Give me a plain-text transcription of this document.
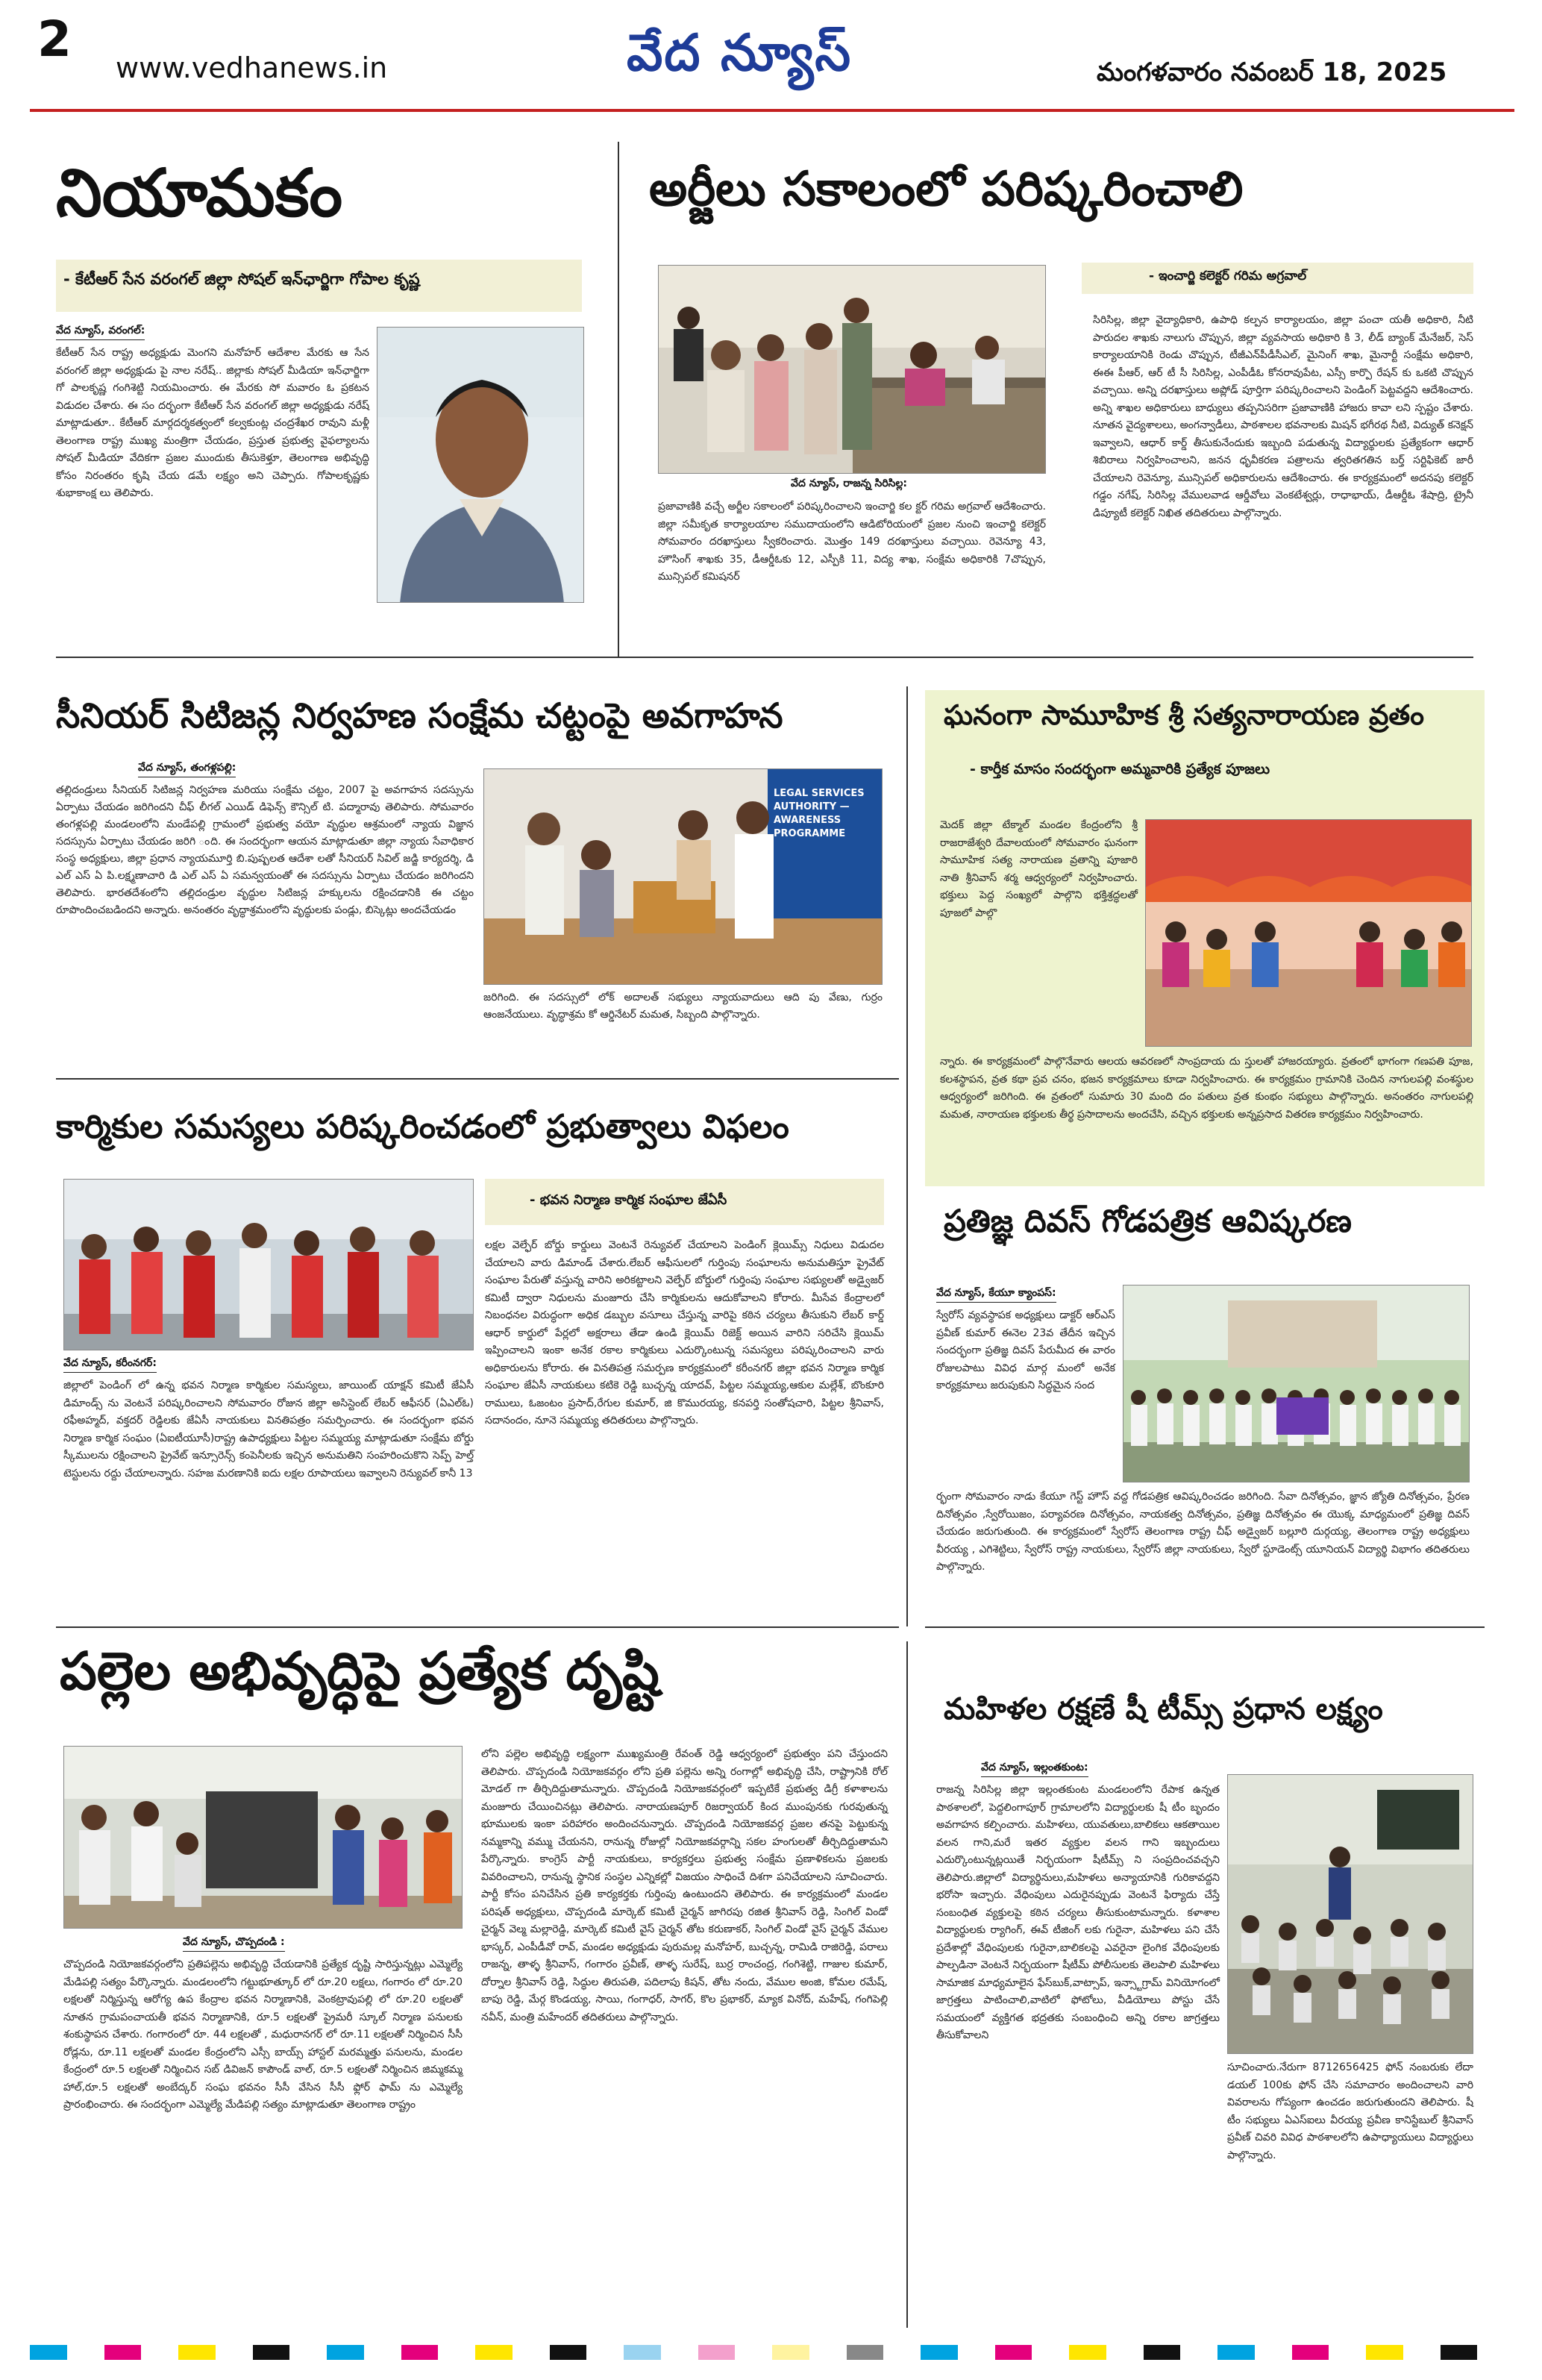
2 www.vedhanews.in	వేద న్యూస్	మంగళవారం నవంబర్ 18, 2025
నియామకం
- కేటీఆర్ సేన వరంగల్ జిల్లా సోషల్ ఇన్‌ఛార్జిగా గోపాల కృష్ణ
వేద న్యూస్, వరంగల్:
కేటీఆర్ సేన రాష్ట్ర అధ్యక్షుడు మెంగని మనోహర్ ఆదేశాల మేరకు ఆ సేన వరంగల్ జిల్లా అధ్యక్షుడు పై నాల నరేష్.. జిల్లాకు సోషల్ మీడియా ఇన్‌ఛార్జిగా గో పాలకృష్ణ గంగిశెట్టి నియమించారు. ఈ మేరకు సో మవారం ఓ ప్రకటన విడుదల చేశారు. ఈ సం దర్భంగా కేటీఆర్ సేన వరంగల్ జిల్లా అధ్యక్షుడు నరేష్ మాట్లాడుతూ.. కేటీఆర్ మార్గదర్శకత్వంలో కల్వకుంట్ల చంద్రశేఖర రావుని మళ్లీ తెలంగాణ రాష్ట్ర ముఖ్య మంత్రిగా చేయడం, ప్రస్తుత ప్రభుత్వ వైఫల్యాలను సోషల్ మీడియా వేదికగా ప్రజల ముందుకు తీసుకెళ్తూ, తెలంగాణ అభివృద్ధి కోసం నిరంతరం కృషి చేయ డమే లక్ష్యం అని చెప్పారు. గోపాలకృష్ణకు శుభాకాంక్ష లు తెలిపారు.
అర్జీలు సకాలంలో పరిష్కరించాలి
వేద న్యూస్, రాజన్న సిరిసిల్ల:
ప్రజావాణికి వచ్చే అర్జీల సకాలంలో పరిష్కరించాలని ఇంచార్జి కల క్టర్ గరిమ అగ్రవాల్ ఆదేశించారు. జిల్లా సమీకృత కార్యాలయాల సముదాయంలోని ఆడిటోరియంలో ప్రజల నుంచి ఇంచార్జి కలెక్టర్ సోమవారం దరఖాస్తులు స్వీకరించారు. మొత్తం 149 దరఖాస్తులు వచ్చాయి. రెవెన్యూ 43, హౌసింగ్ శాఖకు 35, డీఆర్డీఓకు 12, ఎస్పీకి 11, విద్య శాఖ, సంక్షేమ అధికారికి 7చొప్పున, మున్సిపల్ కమిషనర్
- ఇంచార్జి కలెక్టర్ గరిమ అగ్రవాల్
సిరిసిల్ల, జిల్లా వైద్యాధికారి, ఉపాధి కల్పన కార్యాలయం, జిల్లా పంచా యతీ అధికారి, నీటి పారుదల శాఖకు నాలుగు చొప్పున, జిల్లా వ్యవసాయ అధికారి కి 3, లీడ్ బ్యాంక్ మేనేజర్, సెస్ కార్యాలయానికి రెండు చొప్పున, టీజీఎన్‌పీడీసీఎల్, మైనింగ్ శాఖ, మైనార్టీ సంక్షేమ అధికారి, ఈఈ పీఆర్, ఆర్ టీ సీ సిరిసిల్ల, ఎంపీడీఓ కోనరావుపేట, ఎస్సీ కార్పొ రేషన్ కు ఒకటి చొప్పున వచ్చాయి. అన్ని దరఖాస్తులు అప్లోడ్ పూర్తిగా పరిష్కరించాలని పెండింగ్ పెట్టవద్దని ఆదేశించారు. అన్ని శాఖల అధికారులు బాధ్యులు తప్పనిసరిగా ప్రజావాణికి హాజరు కావా లని స్పష్టం చేశారు. నూతన వైద్యశాలలు, అంగన్వాడీలు, పాఠశాలల భవనాలకు మిషన్ భగీరథ నీటి, విద్యుత్ కనెక్షన్ ఇవ్వాలని, ఆధార్ కార్డ్ తీసుకునేందుకు ఇబ్బంది పడుతున్న విద్యార్థులకు ప్రత్యేకంగా ఆధార్ శిబిరాలు నిర్వహించాలని, జనన ధృవీకరణ పత్రాలను త్వరితగతిన బర్త్ సర్టిఫికెట్ జారీ చేయాలని రెవెన్యూ, మున్సిపల్ అధికారులను ఆదేశించారు. ఈ కార్యక్రమంలో అదనపు కలెక్టర్ గడ్డం నగేష్, సిరిసిల్ల వేములవాడ ఆర్డీవోలు వెంకటేశ్వర్లు, రాధాభాయ్, డీఆర్డీఓ శేషాద్రి, ట్రైనీ డిప్యూటీ కలెక్టర్ నిఖిత తదితరులు పాల్గొన్నారు.
సీనియర్ సిటిజన్ల నిర్వహణ సంక్షేమ చట్టంపై అవగాహన
వేద న్యూస్, తంగళ్లపల్లి:
తల్లిదండ్రులు సీనియర్ సిటిజన్ల నిర్వహణ మరియు సంక్షేమ చట్టం, 2007 పై అవగాహన సదస్సును ఏర్పాటు చేయడం జరిగిందని చీఫ్ లీగల్ ఎయిడ్ డిఫెన్స్ కౌన్సిల్ టి. పద్మారావు తెలిపారు. సోమవారం తంగళ్లపల్లి మండలంలోని మండేపల్లి గ్రామంలో ప్రభుత్వ వయో వృద్ధుల ఆశ్రమంలో న్యాయ విజ్ఞాన సదస్సును ఏర్పాటు చేయడం జరిగి ంది. ఈ సందర్భంగా ఆయన మాట్లాడుతూ జిల్లా న్యాయ సేవాధికార సంస్థ అధ్యక్షులు, జిల్లా ప్రధాన న్యాయమూర్తి బి.పుష్పలత ఆదేశా లతో సీనియర్ సివిల్ జడ్జి కార్యదర్శి, డి ఎల్ ఎస్ ఏ పి.లక్ష్మణాచారి డి ఎల్ ఎస్ ఏ సమన్వయంతో ఈ సదస్సును ఏర్పాటు చేయడం జరిగిందని తెలిపారు. భారతదేశంలోని తల్లిదండ్రుల వృద్ధుల సిటిజన్ల హక్కులను రక్షించడానికి ఈ చట్టం రూపొందించబడిందని అన్నారు. అనంతరం వృద్ధాశ్రమంలోని వృద్ధులకు పండ్లు, బిస్కెట్లు అందచేయడం
LEGAL SERVICES AUTHORITY — AWARENESS PROGRAMME
జరిగింది. ఈ సదస్సులో లోక్ అదాలత్ సభ్యులు న్యాయవాదులు ఆది పు వేణు, గుర్రం ఆంజనేయులు. వృద్ధాశ్రమ కో ఆర్డినేటర్ మమత, సిబ్బంది పాల్గొన్నారు.
కార్మికుల సమస్యలు పరిష్కరించడంలో ప్రభుత్వాలు విఫలం
వేద న్యూస్, కరీంనగర్:
జిల్లాలో పెండింగ్ లో ఉన్న భవన నిర్మాణ కార్మికుల సమస్యలు, జాయింట్ యాక్షన్ కమిటీ జేఏసీ డిమాండ్స్ ను వెంటనే పరిష్కరించాలని సోమవారం రోజున జిల్లా అసిస్టెంట్ లేబర్ ఆఫీసర్ (ఏఎల్ఓ) రఫీఅహ్మద్, వక్తదర్ రెడ్డిలకు జేఏసీ నాయకులు వినతిపత్రం సమర్పించారు. ఈ సందర్భంగా భవన నిర్మాణ కార్మిక సంఘం (ఏఐటీయూసీ)రాష్ట్ర ఉపాధ్యక్షులు పిట్టల సమ్మయ్య మాట్లాడుతూ సంక్షేమ బోర్డు స్కీములను రక్షించాలని ప్రైవేట్ ఇన్సూరెన్స్ కంపెనీలకు ఇచ్చిన అనుమతిని సంహరించుకొని సెప్ప్ హెల్త్ టెస్టులను రద్దు చేయాలన్నారు. సహజ మరణానికి ఐదు లక్షల రూపాయలు ఇవ్వాలని రెన్యువల్ కానీ 13
- భవన నిర్మాణ కార్మిక సంఘాల జేఏసీ
లక్షల వెల్ఫేర్ బోర్డు కార్డులు వెంటనే రెన్యువల్ చేయాలని పెండింగ్ క్లెయిమ్స్ నిధులు విడుదల చేయాలని వారు డిమాండ్ చేశారు.లేబర్ ఆఫీసులలో గుర్తింపు సంఘాలను అనుమతిస్తూ ప్రైవేట్ సంఘాల పేరుతో వస్తున్న వారిని అరికట్టాలని వెల్ఫేర్ బోర్డులో గుర్తింపు సంఘాల సభ్యులతో అడ్వైజర్ కమిటీ ద్వారా నిధులను మంజూరు చేసి కార్మికులను ఆదుకోవాలని కోరారు. మీసేవ కేంద్రాలలో నిబంధనల విరుద్ధంగా అధిక డబ్బుల వసూలు చేస్తున్న వారిపై కఠిన చర్యలు తీసుకుని లేబర్ కార్డ్ ఆధార్ కార్డులో పేర్లలో అక్షరాలు తేడా ఉండి క్లెయిమ్ రిజెక్ట్ అయిన వారిని సరిచేసి క్లెయిమ్ ఇప్పించాలని ఇంకా అనేక రకాల కార్మికులు ఎదుర్కొంటున్న సమస్యలు పరిష్కరించాలని వారు అధికారులను కోరారు. ఈ వినతిపత్ర సమర్పణ కార్యక్రమంలో కరీంనగర్ జిల్లా భవన నిర్మాణ కార్మిక సంఘాల జేఏసీ నాయకులు కటికె రెడ్డి బుచ్చన్న యాదవ్, పిట్టల సమ్మయ్య,ఆకుల మల్లేశ్, బొంకూరి రాములు, ఓజంటం ప్రసాద్,రేగుల కుమార్, జి కొమురయ్య, కనపర్తి సంతోషచారి, పిట్టల శ్రీనివాస్, సదానందం, నూనె సమ్మయ్య తదితరులు పాల్గొన్నారు.
ఘనంగా సామూహిక శ్రీ సత్యనారాయణ వ్రతం
- కార్తీక మాసం సందర్భంగా అమ్మవారికి ప్రత్యేక పూజలు
మెదక్ జిల్లా టేక్మాల్ మండల కేంద్రంలోని శ్రీ రాజరాజేశ్వరి దేవాలయంలో సోమవారం ఘనంగా సామూహిక సత్య నారాయణ వ్రతాన్ని పూజారి నాతి శ్రీనివాస్ శర్మ ఆధ్వర్యంలో నిర్వహించారు. భక్తులు పెద్ద సంఖ్యలో పాల్గొని భక్తిశ్రద్ధలతో పూజలో పాల్గొ
న్నారు. ఈ కార్యక్రమంలో పాల్గొనేవారు ఆలయ ఆవరణలో సాంప్రదాయ దు స్తులతో హాజరయ్యారు. వ్రతంలో భాగంగా గణపతి పూజ, కలశస్థాపన, వ్రత కథా ప్రవ చనం, భజన కార్యక్రమాలు కూడా నిర్వహించారు. ఈ కార్యక్రమం గ్రామానికి చెందిన నాగులపల్లి వంశస్థుల ఆధ్వర్యంలో జరిగింది. ఈ వ్రతంలో సుమారు 30 మంది దం పతులు వ్రత కుంభం సభ్యులు పాల్గొన్నారు. అనంతరం నాగులపల్లి మమత, నారాయణ భక్తులకు తీర్థ ప్రసాదాలను అందచేసి, వచ్చిన భక్తులకు అన్నప్రసాద వితరణ కార్యక్రమం నిర్వహించారు.
ప్రతిజ్ఞ దివస్ గోడపత్రిక ఆవిష్కరణ
వేద న్యూస్, కేయూ క్యాంపస్:
స్వేరోస్ వ్యవస్థాపక అధ్యక్షులు డాక్టర్ ఆర్ఎస్ ప్రవీణ్ కుమార్ ఈనెల 23వ తేదీన ఇచ్చిన సందర్భంగా ప్రతిజ్ఞ దివస్ పేరుమీద ఈ వారం రోజులపాటు వివిధ మార్గ మంలో అనేక కార్యక్రమాలు జరుపుకుని సిద్ధమైన సంద
ర్భంగా సోమవారం నాడు కేయూ గెస్ట్ హౌస్ వద్ద గోడపత్రిక ఆవిష్కరించడం జరిగింది. సేవా దినోత్సవం, జ్ఞాన జ్యోతి దినోత్సవం, ప్రేరణ దినోత్సవం ,స్వేరోయిజం, పర్యావరణ దినోత్సవం, నాయకత్వ దినోత్సవం, ప్రతిజ్ఞ దినోత్సవం ఈ యొక్క మాధ్యమంలో ప్రతిజ్ఞ దివస్ చేయడం జరుగుతుంది. ఈ కార్యక్రమంలో స్వేరోస్ తెలంగాణ రాష్ట్ర చీఫ్ అడ్వైజర్ బల్లూరి దుర్గయ్య, తెలంగాణ రాష్ట్ర అధ్యక్షులు వీరయ్య , ఎగిశెట్టిలు, స్వేరోస్ రాష్ట్ర నాయకులు, స్వేరోస్ జిల్లా నాయకులు, స్వేరో స్టూడెంట్స్ యూనియన్ విద్యార్థి విభాగం తదితరులు పాల్గొన్నారు.
పల్లెల అభివృద్ధిపై ప్రత్యేక దృష్టి
వేద న్యూస్, చొప్పదండి :
చొప్పదండి నియోజకవర్గంలోని ప్రతిపల్లెను అభివృద్ధి చేయడానికి ప్రత్యేక దృష్టి సారిస్తున్నట్లు ఎమ్మెల్యే మేడిపల్లి సత్యం పేర్కొన్నారు. మండలంలోని గట్టుభూత్కూర్ లో రూ.20 లక్షలు, గంగారం లో రూ.20 లక్షలతో నిర్మిస్తున్న ఆరోగ్య ఉప కేంద్రాల భవన నిర్మాణానికి, వెంకట్రావుపల్లి లో రూ.20 లక్షలతో నూతన గ్రామపంచాయతీ భవన నిర్మాణానికి, రూ.5 లక్షలతో ప్రైమరీ స్కూల్ నిర్మాణ పనులకు శంకుస్థాపన చేశారు. గంగారంలో రూ. 44 లక్షలతో , మధురానగర్ లో రూ.11 లక్షలతో నిర్మించిన సీసీ రోడ్లను, రూ.11 లక్షలతో మండల కేంద్రంలోని ఎస్సీ బాయ్స్ హాస్టల్ మరమ్మత్తు పనులను, మండల కేంద్రంలో రూ.5 లక్షలతో నిర్మించిన సబ్ డివిజన్ కాపౌండ్ వాల్, రూ.5 లక్షలతో నిర్మించిన జిమ్మకమ్మ హాల్,రూ.5 లక్షలతో అంబేద్కర్ సంఘ భవనం సీసీ వేసిన సీసీ ఫ్లోర్ ఫామ్ ను ఎమ్మెల్యే ప్రారంభించారు. ఈ సందర్భంగా ఎమ్మెల్యే మేడిపల్లి సత్యం మాట్లాడుతూ తెలంగాణ రాష్ట్రం
లోని పల్లెల అభివృద్ధి లక్ష్యంగా ముఖ్యమంత్రి రేవంత్ రెడ్డి ఆధ్వర్యంలో ప్రభుత్వం పని చేస్తుందని తెలిపారు. చొప్పదండి నియోజకవర్గం లోని ప్రతి పల్లెను అన్ని రంగాల్లో అభివృద్ధి చేసి, రాష్ట్రానికి రోల్ మోడల్ గా తీర్చిదిద్దుతామన్నారు. చొప్పదండి నియోజకవర్గంలో ఇప్పటికే ప్రభుత్వ డిగ్రీ కళాశాలను మంజూరు చేయించినట్లు తెలిపారు. నారాయణపూర్ రిజర్వాయర్ కింద ముంపునకు గురవుతున్న భూములకు ఇంకా పరిహారం అందించనున్నారు. చొప్పదండి నియోజకవర్గ ప్రజల తనపై పెట్టుకున్న నమ్మకాన్ని వమ్ము చేయనని, రానున్న రోజుల్లో నియోజకవర్గాన్ని సకల హంగులతో తీర్చిదిద్దుతామని పేర్కొన్నారు. కాంగ్రెస్ పార్టీ నాయకులు, కార్యకర్తలు ప్రభుత్వ సంక్షేమ ప్రణాళికలను ప్రజలకు వివరించాలని, రానున్న స్థానిక సంస్థల ఎన్నికల్లో విజయం సాధించే దిశగా పనిచేయాలని సూచించారు. పార్టీ కోసం పనిచేసిన ప్రతి కార్యకర్తకు గుర్తింపు ఉంటుందని తెలిపారు. ఈ కార్యక్రమంలో మండల పరిషత్ అధ్యక్షులు, చొప్పదండి మార్కెట్ కమిటీ చైర్మన్ జాగిరపు రజిత శ్రీనివాస్ రెడ్డి, సింగిల్ విండో చైర్మన్ వెల్మ మల్లారెడ్డి, మార్కెట్ కమిటీ వైస్ చైర్మన్ తోట కరుణాకర్, సింగిల్ విండో వైస్ చైర్మన్ వేముల భాస్కర్, ఎంపీడీవో రావ్, మండల అధ్యక్షుడు పురుమల్ల మనోహర్, బుచ్చన్న, రామిడి రాజిరెడ్డి, పరాలు రాజన్న, తాళ్ళ శ్రీనివాస్, గంగారం ప్రవీణ్, తాళ్ళ సురేష్, బుర్ర రాంచంద్ర, గంగిశెట్టి, గాజుల కుమార్, దోర్నాల శ్రీనివాస్ రెడ్డి, సిద్ధుల తిరుపతి, పదిలాపు కిషన్, తోట నందు, వేముల అంజి, కోమల రమేష్, బాపు రెడ్డి, మేర్గ కొండయ్య, సాయి, గంగాధర్, సాగర్, కొల ప్రభాకర్, మ్యాక వినోద్, మహేష్, గంగిపెల్లి నవీన్, మంత్రి మహేందర్ తదితరులు పాల్గొన్నారు.
మహిళల రక్షణే షీ టీమ్స్ ప్రధాన లక్ష్యం
వేద న్యూస్, ఇల్లంతకుంట:
రాజన్న సిరిసిల్ల జిల్లా ఇల్లంతకుంట మండలంలోని రేపాక ఉన్నత పాఠశాలలో, పెద్దలింగాపూర్ గ్రామాలలోని విద్యార్థులకు షీ టీం బృందం అవగాహన కల్పించారు. మహిళలు, యువతులు,బాలికలు ఆకతాయిల వలన గాని,మరే ఇతర వ్యక్తుల వలన గాని ఇబ్బందులు ఎదుర్కొంటున్నట్లయితే నిర్భయంగా షీటీమ్స్ ని సంప్రదించవచ్చని తెలిపారు.జిల్లాలో విద్యార్థినులు,మహిళలు అన్యాయానికి గురికావద్దని భరోసా ఇచ్చారు. వేధింపులు ఎదురైనప్పుడు వెంటనే ఫిర్యాదు చేస్తే సంబంధిత వ్యక్తులపై కఠిన చర్యలు తీసుకుంటామన్నారు. కళాశాల విద్యార్థులకు ర్యాగింగ్, ఈవ్ టీజింగ్ లకు గురైనా, మహిళలు పని చేసే ప్రదేశాల్లో వేధింపులకు గురైనా,బాలికలపై ఎవరైనా లైంగిక వేధింపులకు పాల్పడినా వెంటనే నిర్భయంగా షీటీమ్ పోలీసులకు తెలపాలి మహిళలు సామాజిక మాధ్యమాలైన ఫేస్‌బుక్,వాట్సాప్, ఇన్స్టాగ్రామ్ వినియోగంలో జాగ్రత్తలు పాటించాలి,వాటిలో ఫోటోలు, వీడియోలు పోస్టు చేసే సమయంలో వ్యక్తిగత భద్రతకు సంబంధించి అన్ని రకాల జాగ్రత్తలు తీసుకోవాలని
సూచించారు.నేరుగా 8712656425 ఫోన్ నంబరుకు లేదా డయల్ 100కు ఫోన్ చేసి సమాచారం అందించాలని వారి వివరాలను గోప్యంగా ఉంచడం జరుగుతుందని తెలిపారు. షీ టీం సభ్యులు ఏఎస్ఐలు వీరయ్య ప్రవీణ కానిస్టేబుల్ శ్రీనివాస్ ప్రవీణ్ చివరి వివిధ పాఠశాలలోని ఉపాధ్యాయులు విద్యార్థులు పాల్గొన్నారు.
